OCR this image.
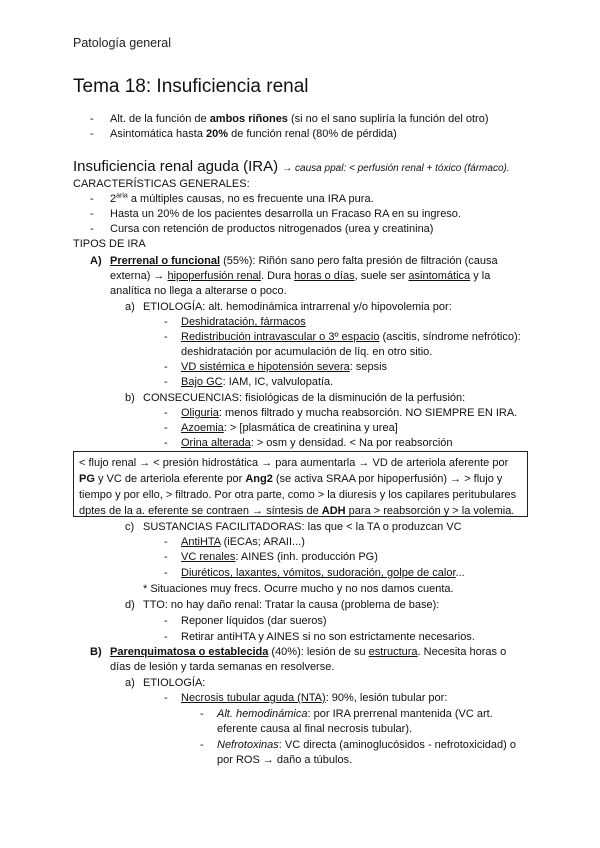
Patología general
Tema 18: Insuficiencia renal
- Alt. de la función de ambos riñones (si no el sano supliría la función del otro)
- Asintomática hasta 20% de función renal (80% de pérdida)
Insuficiencia renal aguda (IRA) → causa ppal: < perfusión renal + tóxico (fármaco).
CARACTERÍSTICAS GENERALES:
- $2^{aria}$ a múltiples causas, no es frecuente una IRA pura.
- Hasta un 20% de los pacientes desarrolla un Fracaso RA en su ingreso.
- Cursa con retención de productos nitrogenados (urea y creatinina)
TIPOS DE IRA
A) Prerrenal o funcional (55%): Riñón sano pero falta presión de filtración (causa
externa) → hipoperfusión renal. Dura horas o días, suele ser asintomática y la
analítica no llega a alterarse o poco.
a) ETIOLOGÍA: alt. hemodinámica intrarrenal y/o hipovolemia por:
- Deshidratación, fármacos
- Redistribución intravascular o 3º espacio (ascitis, síndrome nefrótico):
deshidratación por acumulación de líq. en otro sitio.
- VD sistémica e hipotensión severa: sepsis
- Bajo GC: IAM, IC, valvulopatía.
b) CONSECUENCIAS: fisiológicas de la disminución de la perfusión:
- Oliguria: menos filtrado y mucha reabsorción. NO SIEMPRE EN IRA.
- Azoemia: > [plasmática de creatinina y urea]
- Orina alterada: > osm y densidad. < Na por reabsorción
< flujo renal → < presión hidrostática → para aumentarla → VD de arteriola aferente por
PG y VC de arteriola eferente por Ang2 (se activa SRAA por hipoperfusión) → > flujo y
tiempo y por ello, > filtrado. Por otra parte, como > la diuresis y los capilares peritubulares
dptes de la a. eferente se contraen → síntesis de ADH para > reabsorción y > la volemia.
c) SUSTANCIAS FACILITADORAS: las que < la TA o produzcan VC
- AntiHTA (iECAs; ARAII...)
- VC renales: AINES (inh. producción PG)
- Diuréticos, laxantes, vómitos, sudoración, golpe de calor...
* Situaciones muy frecs. Ocurre mucho y no nos damos cuenta.
d) TTO: no hay daño renal: Tratar la causa (problema de base):
- Reponer líquidos (dar sueros)
- Retirar antiHTA y AINES si no son estrictamente necesarios.
B) Parenquimatosa o establecida (40%): lesión de su estructura. Necesita horas o
días de lesión y tarda semanas en resolverse.
a) ETIOLOGÍA:
- Necrosis tubular aguda (NTA): 90%, lesión tubular por:
- Alt. hemodinámica: por IRA prerrenal mantenida (VC art.
eferente causa al final necrosis tubular).
- Nefrotoxinas: VC directa (aminoglucósidos - nefrotoxicidad) o
por ROS → daño a túbulos.
